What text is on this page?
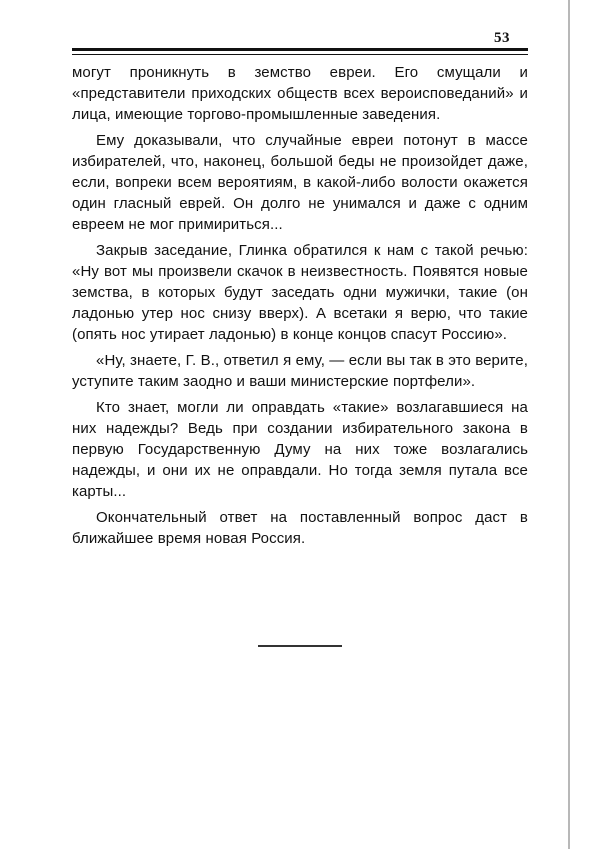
53

могут проникнуть в земство евреи. Его смущали и «представители приходских обществ всех вероисповеданий» и лица, имеющие торгово-промышленные заведения.

Ему доказывали, что случайные евреи потонут в массе избирателей, что, наконец, большой беды не произойдет даже, если, вопреки всем вероятиям, в какой-либо волости окажется один гласный еврей. Он долго не унимался и даже с одним евреем не мог примириться...

Закрыв заседание, Глинка обратился к нам с такой речью: «Ну вот мы произвели скачок в неизвестность. Появятся новые земства, в которых будут заседать одни мужички, такие (он ладонью утер нос снизу вверх). А всетаки я верю, что такие (опять нос утирает ладонью) в конце концов спасут Россию».

«Ну, знаете, Г. В., ответил я ему, — если вы так в это верите, уступите таким заодно и ваши министерские портфели».

Кто знает, могли ли оправдать «такие» возлагавшиеся на них надежды? Ведь при создании избирательного закона в первую Государственную Думу на них тоже возлагались надежды, и они их не оправдали. Но тогда земля путала все карты...

Окончательный ответ на поставленный вопрос даст в ближайшее время новая Россия.
